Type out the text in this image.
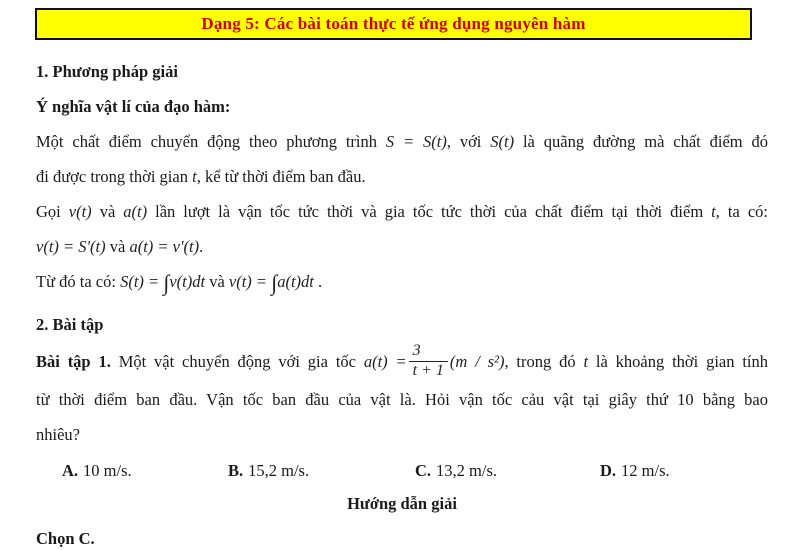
Dạng 5: Các bài toán thực tế ứng dụng nguyên hàm

1. Phương pháp giải

Ý nghĩa vật lí của đạo hàm:

Một chất điểm chuyển động theo phương trình S = S(t), với S(t) là quãng đường mà chất điểm đó

đi được trong thời gian t, kể từ thời điểm ban đầu.

Gọi v(t) và a(t) lần lượt là vận tốc tức thời và gia tốc tức thời của chất điểm tại thời điểm t, ta có:

v(t) = S'(t) và a(t) = v'(t).

Từ đó ta có: S(t) = ∫v(t)dt và v(t) = ∫a(t)dt .

2. Bài tập

Bài tập 1. Một vật chuyển động với gia tốc $a(t) = \frac{3}{t + 1} (m / s^2)$, trong đó t là khoảng thời gian tính

từ thời điểm ban đầu. Vận tốc ban đầu của vật là. Hỏi vận tốc cảu vật tại giây thứ 10 bằng bao

nhiêu?

A. 10 m/s.	B. 15,2 m/s.	C. 13,2 m/s.	D. 12 m/s.

Hướng dẫn giải

Chọn C.
